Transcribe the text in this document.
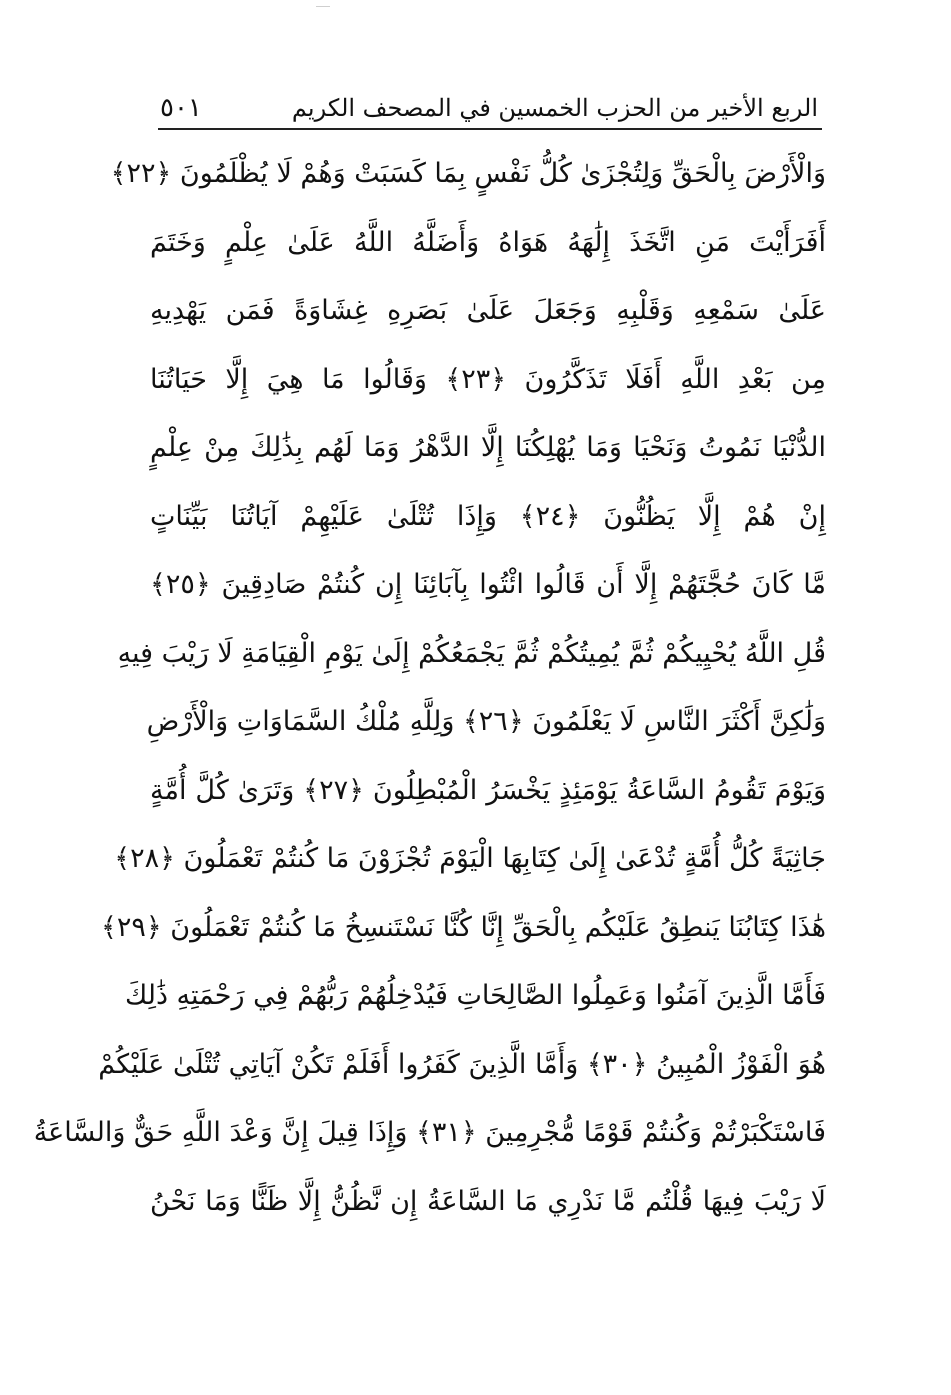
الربع الأخير من الحزب الخمسين في المصحف الكريم
٥٠١
وَالْأَرْضَ بِالْحَقِّ وَلِتُجْزَىٰ كُلُّ نَفْسٍ بِمَا كَسَبَتْ وَهُمْ لَا يُظْلَمُونَ ﴿٢٢﴾
أَفَرَأَيْتَ مَنِ اتَّخَذَ إِلَٰهَهُ هَوَاهُ وَأَضَلَّهُ اللَّهُ عَلَىٰ عِلْمٍ وَخَتَمَ
عَلَىٰ سَمْعِهِ وَقَلْبِهِ وَجَعَلَ عَلَىٰ بَصَرِهِ غِشَاوَةً فَمَن يَهْدِيهِ
مِن بَعْدِ اللَّهِ أَفَلَا تَذَكَّرُونَ ﴿٢٣﴾ وَقَالُوا مَا هِيَ إِلَّا حَيَاتُنَا
الدُّنْيَا نَمُوتُ وَنَحْيَا وَمَا يُهْلِكُنَا إِلَّا الدَّهْرُ وَمَا لَهُم بِذَٰلِكَ مِنْ عِلْمٍ
إِنْ هُمْ إِلَّا يَظُنُّونَ ﴿٢٤﴾ وَإِذَا تُتْلَىٰ عَلَيْهِمْ آيَاتُنَا بَيِّنَاتٍ
مَّا كَانَ حُجَّتَهُمْ إِلَّا أَن قَالُوا ائْتُوا بِآبَائِنَا إِن كُنتُمْ صَادِقِينَ ﴿٢٥﴾
قُلِ اللَّهُ يُحْيِيكُمْ ثُمَّ يُمِيتُكُمْ ثُمَّ يَجْمَعُكُمْ إِلَىٰ يَوْمِ الْقِيَامَةِ لَا رَيْبَ فِيهِ
وَلَٰكِنَّ أَكْثَرَ النَّاسِ لَا يَعْلَمُونَ ﴿٢٦﴾ وَلِلَّهِ مُلْكُ السَّمَاوَاتِ وَالْأَرْضِ
وَيَوْمَ تَقُومُ السَّاعَةُ يَوْمَئِذٍ يَخْسَرُ الْمُبْطِلُونَ ﴿٢٧﴾ وَتَرَىٰ كُلَّ أُمَّةٍ
جَاثِيَةً كُلُّ أُمَّةٍ تُدْعَىٰ إِلَىٰ كِتَابِهَا الْيَوْمَ تُجْزَوْنَ مَا كُنتُمْ تَعْمَلُونَ ﴿٢٨﴾
هَٰذَا كِتَابُنَا يَنطِقُ عَلَيْكُم بِالْحَقِّ إِنَّا كُنَّا نَسْتَنسِخُ مَا كُنتُمْ تَعْمَلُونَ ﴿٢٩﴾
فَأَمَّا الَّذِينَ آمَنُوا وَعَمِلُوا الصَّالِحَاتِ فَيُدْخِلُهُمْ رَبُّهُمْ فِي رَحْمَتِهِ ذَٰلِكَ
هُوَ الْفَوْزُ الْمُبِينُ ﴿٣٠﴾ وَأَمَّا الَّذِينَ كَفَرُوا أَفَلَمْ تَكُنْ آيَاتِي تُتْلَىٰ عَلَيْكُمْ
فَاسْتَكْبَرْتُمْ وَكُنتُمْ قَوْمًا مُّجْرِمِينَ ﴿٣١﴾ وَإِذَا قِيلَ إِنَّ وَعْدَ اللَّهِ حَقٌّ وَالسَّاعَةُ
لَا رَيْبَ فِيهَا قُلْتُم مَّا نَدْرِي مَا السَّاعَةُ إِن نَّظُنُّ إِلَّا ظَنًّا وَمَا نَحْنُ
